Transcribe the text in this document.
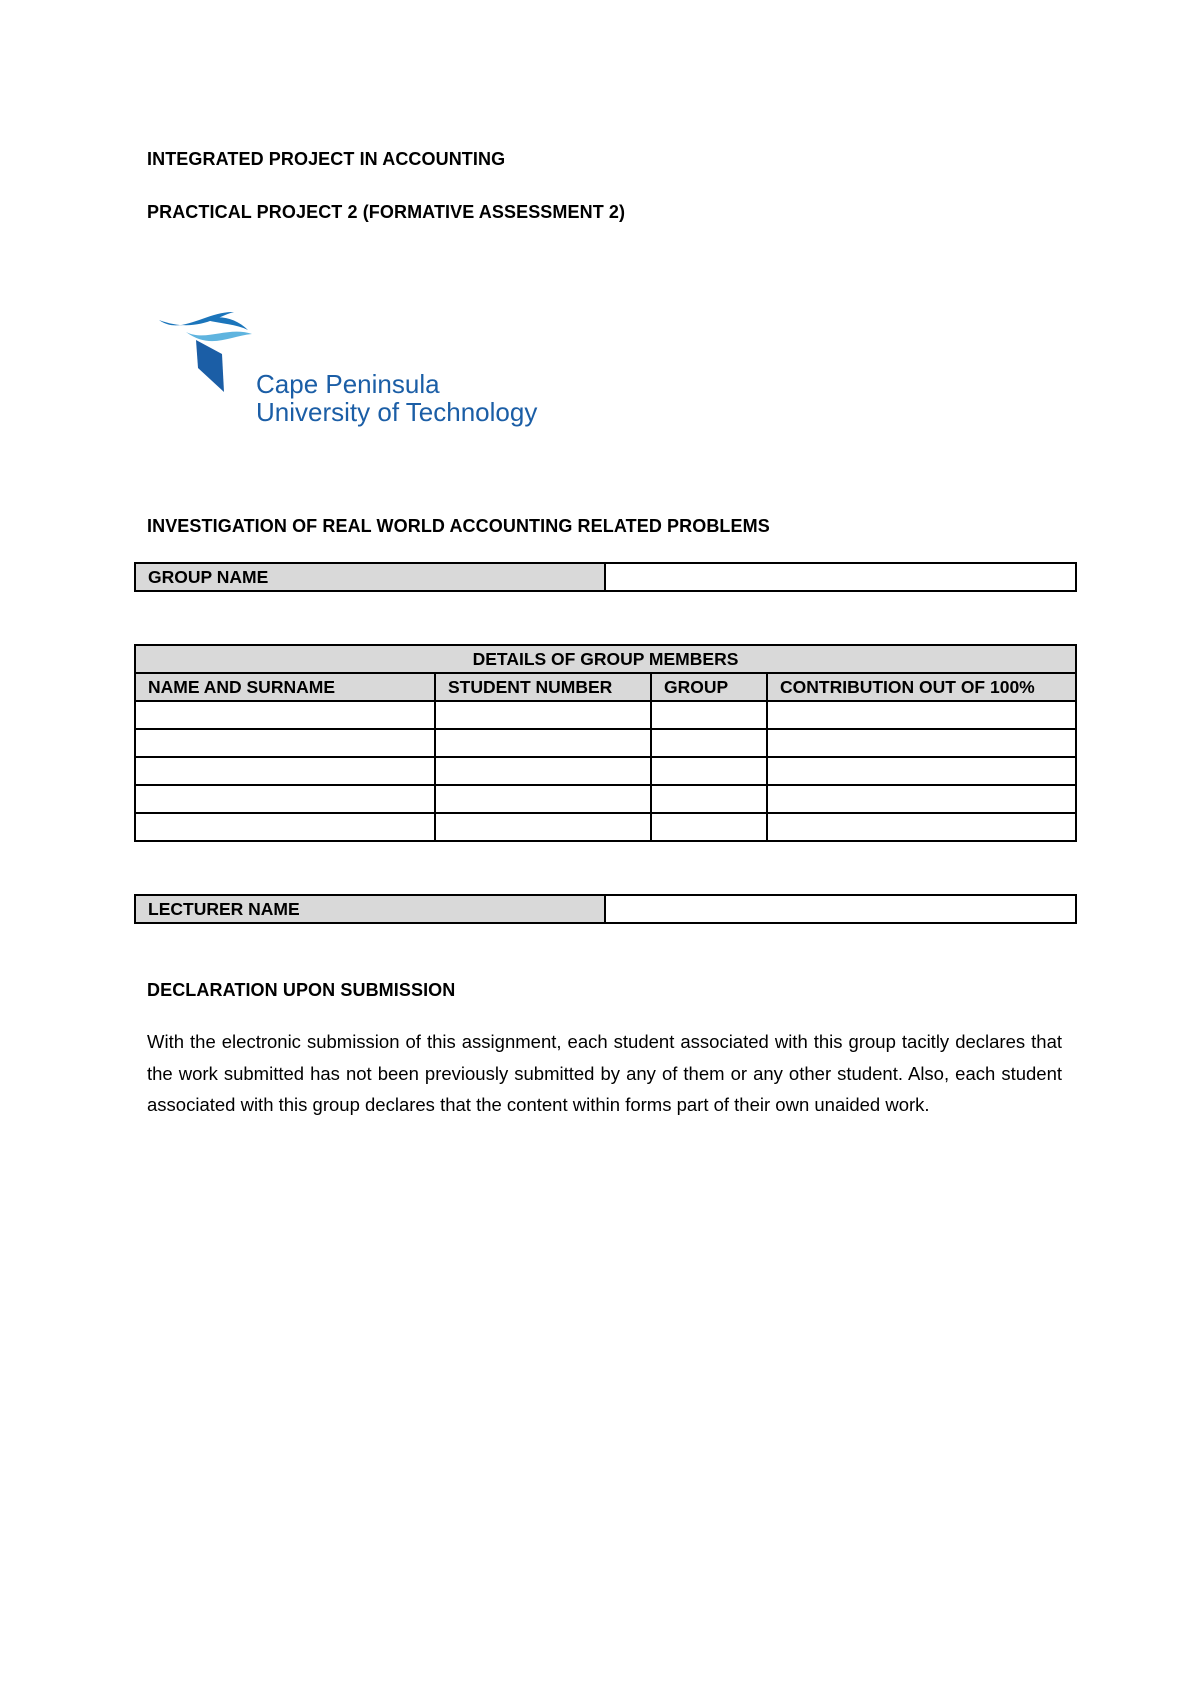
INTEGRATED PROJECT IN ACCOUNTING
PRACTICAL PROJECT 2 (FORMATIVE ASSESSMENT 2)
Cape Peninsula
University of Technology
INVESTIGATION OF REAL WORLD ACCOUNTING RELATED PROBLEMS
GROUP NAME	
DETAILS OF GROUP MEMBERS			
NAME AND SURNAME	STUDENT NUMBER	GROUP	CONTRIBUTION OUT OF 100%

LECTURER NAME	
DECLARATION UPON SUBMISSION
With the electronic submission of this assignment, each student associated with this group tacitly declares that the work submitted has not been previously submitted by any of them or any other student. Also, each student associated with this group declares that the content within forms part of their own unaided work.
